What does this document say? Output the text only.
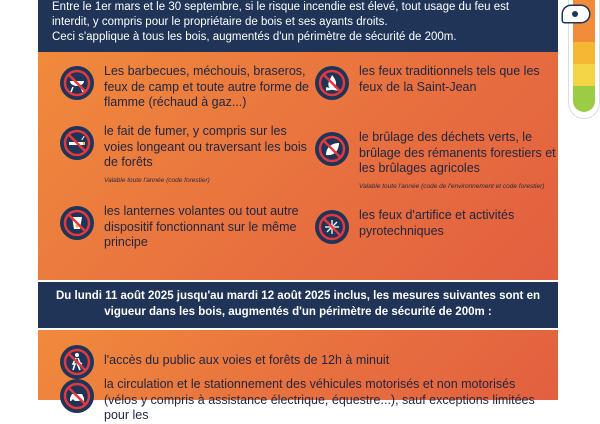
Entre le 1er mars et le 30 septembre, si le risque incendie est élevé, tout usage du feu est interdit, y compris pour le propriétaire de bois et ses ayants droits.

Ceci s'applique à tous les bois, augmentés d'un périmètre de sécurité de 200m.

Les barbecues, méchouis, braseros, feux de camp et toute autre forme de flamme (réchaud à gaz...)
les feux traditionnels tels que les feux de la Saint-Jean
le fait de fumer, y compris sur les voies longeant ou traversant les bois de forêts
Valable toute l'année (code forestier)
le brûlage des déchets verts, le brûlage des rémanents forestiers et les brûlages agricoles
Valable toute l'année (code de l'environnement et code forestier)
les lanternes volantes ou tout autre dispositif fonctionnant sur le même principe
les feux d'artifice et activités pyrotechniques
Du lundi 11 août 2025 jusqu'au mardi 12 août 2025 inclus, les mesures suivantes sont en vigueur dans les bois, augmentés d'un périmètre de sécurité de 200m :
l'accès du public aux voies et forêts de 12h à minuit
la circulation et le stationnement des véhicules motorisés et non motorisés (vélos y compris à assistance électrique, équestre...), sauf exceptions limitées pour les
